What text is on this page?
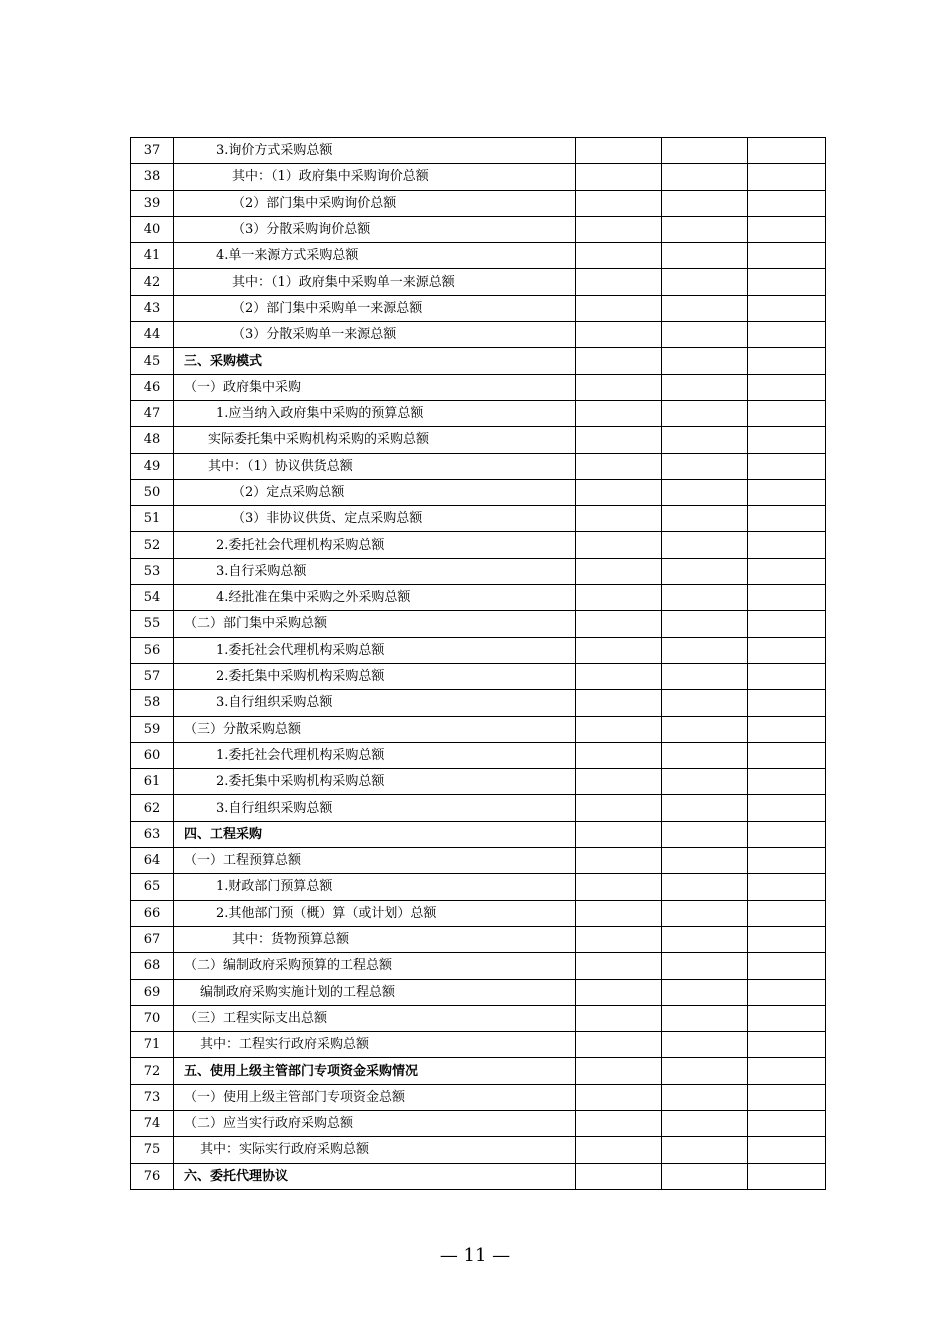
37	3.询价方式采购总额			
38	其中：（1）政府集中采购询价总额			
39	（2）部门集中采购询价总额			
40	（3）分散采购询价总额			
41	4.单一来源方式采购总额			
42	其中：（1）政府集中采购单一来源总额			
43	（2）部门集中采购单一来源总额			
44	（3）分散采购单一来源总额			
45	三、采购模式			
46	（一）政府集中采购			
47	1.应当纳入政府集中采购的预算总额			
48	实际委托集中采购机构采购的采购总额			
49	其中：（1）协议供货总额			
50	（2）定点采购总额			
51	（3）非协议供货、定点采购总额			
52	2.委托社会代理机构采购总额			
53	3.自行采购总额			
54	4.经批准在集中采购之外采购总额			
55	（二）部门集中采购总额			
56	1.委托社会代理机构采购总额			
57	2.委托集中采购机构采购总额			
58	3.自行组织采购总额			
59	（三）分散采购总额			
60	1.委托社会代理机构采购总额			
61	2.委托集中采购机构采购总额			
62	3.自行组织采购总额			
63	四、工程采购			
64	（一）工程预算总额			
65	1.财政部门预算总额			
66	2.其他部门预（概）算（或计划）总额			
67	其中：货物预算总额			
68	（二）编制政府采购预算的工程总额			
69	编制政府采购实施计划的工程总额			
70	（三）工程实际支出总额			
71	其中：工程实行政府采购总额			
72	五、使用上级主管部门专项资金采购情况			
73	（一）使用上级主管部门专项资金总额			
74	（二）应当实行政府采购总额			
75	其中：实际实行政府采购总额			
76	六、委托代理协议			
— 11 —
